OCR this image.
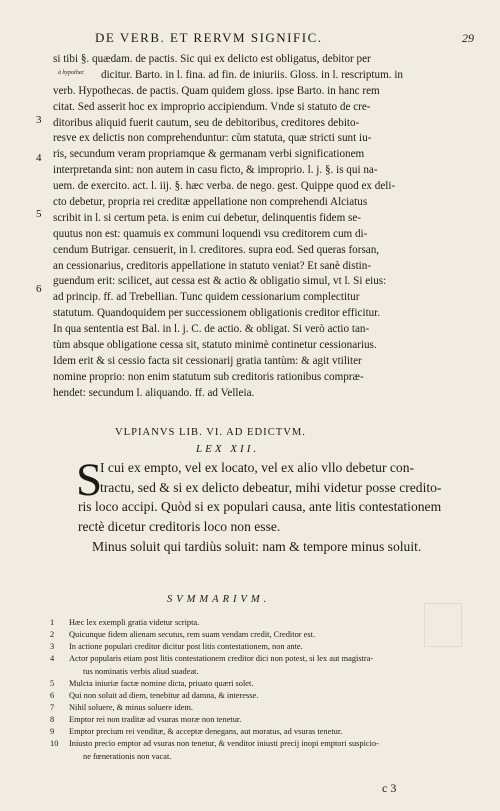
DE VERB. ET RERVM SIGNIFIC.	29
3
4
5
6
si tibi §. quædam. de pactis. Sic qui ex delicto est obligatus, debitor per
dicitur. Barto. in l. fina. ad fin. de iniuriis. Gloss. in l. rescriptum. in
verb. Hypothecas. de pactis. Quam quidem gloss. ipse Barto. in hanc rem
citat. Sed asserit hoc ex improprio accipiendum. Vnde si statuto de cre-
ditoribus aliquid fuerit cautum, seu de debitoribus, creditores debito-
resve ex delictis non comprehenduntur: cùm statuta, quæ stricti sunt iu-
ris, secundum veram propriamque & germanam verbi significationem
interpretanda sint: non autem in casu ficto, & improprio. l. j. §. is qui na-
uem. de exercito. act. l. iij. §. hæc verba. de nego. gest. Quippe quod ex deli-
cto debetur, propria rei creditæ appellatione non comprehendi Alciatus
scribit in l. si certum peta. is enim cui debetur, delinquentis fidem se-
quutus non est: quamuis ex communi loquendi vsu creditorem cum di-
cendum Butrigar. censuerit, in l. creditores. supra eod. Sed queras forsan,
an cessionarius, creditoris appellatione in statuto veniat? Et sanè distin-
guendum erit: scilicet, aut cessa est & actio & obligatio simul, vt l. Si eius:
ad princip. ff. ad Trebellian. Tunc quidem cessionarium complectitur
statutum. Quandoquidem per successionem obligationis creditor efficitur.
In qua sententia est Bal. in l. j. C. de actio. & obligat. Si verò actio tan-
tùm absque obligatione cessa sit, statuto minimè continetur cessionarius.
Idem erit & si cessio facta sit cessionarij gratia tantùm: & agit vtiliter
nomine proprio: non enim statutum sub creditoris rationibus compræ-
hendet: secundum l. aliquando. ff. ad Velleia.
à hypothec
VLPIANVS LIB. VI. AD EDICTVM.
LEX XII.
S
I cui ex empto, vel ex locato, vel ex alio vllo debetur con-
tractu, sed & si ex delicto debeatur, mihi videtur posse credito-
ris loco accipi. Quòd si ex populari causa, ante litis contestationem
rectè dicetur creditoris loco non esse.
Minus soluit qui tardiùs soluit: nam & tempore minus soluit.
SVMMARIVM.
1 Hæc lex exempli gratia videtur scripta.
2 Quicunque fidem alienam secutus, rem suam vendam credit, Creditor est.
3 In actione populari creditor dicitur post litis contestationem, non ante.
4 Actor popularis etiam post litis contestationem creditor dici non potest, si lex aut magistra-
tus nominatis verbis aliud suadeat.
5 Mulcta iniuriæ factæ nomine dicta, priuato quæri solet.
6 Qui non soluit ad diem, tenebitur ad damna, & interesse.
7 Nihil soluere, & minus soluere idem.
8 Emptor rei non traditæ ad vsuras moræ non tenetur.
9 Emptor precium rei venditæ, & acceptæ denegans, aut moratus, ad vsuras tenetur.
10 Iniusto precio emptor ad vsuras non tenetur, & venditor iniusti precij inopi emptori suspicio-
ne fœnerationis non vacat.
c 3
